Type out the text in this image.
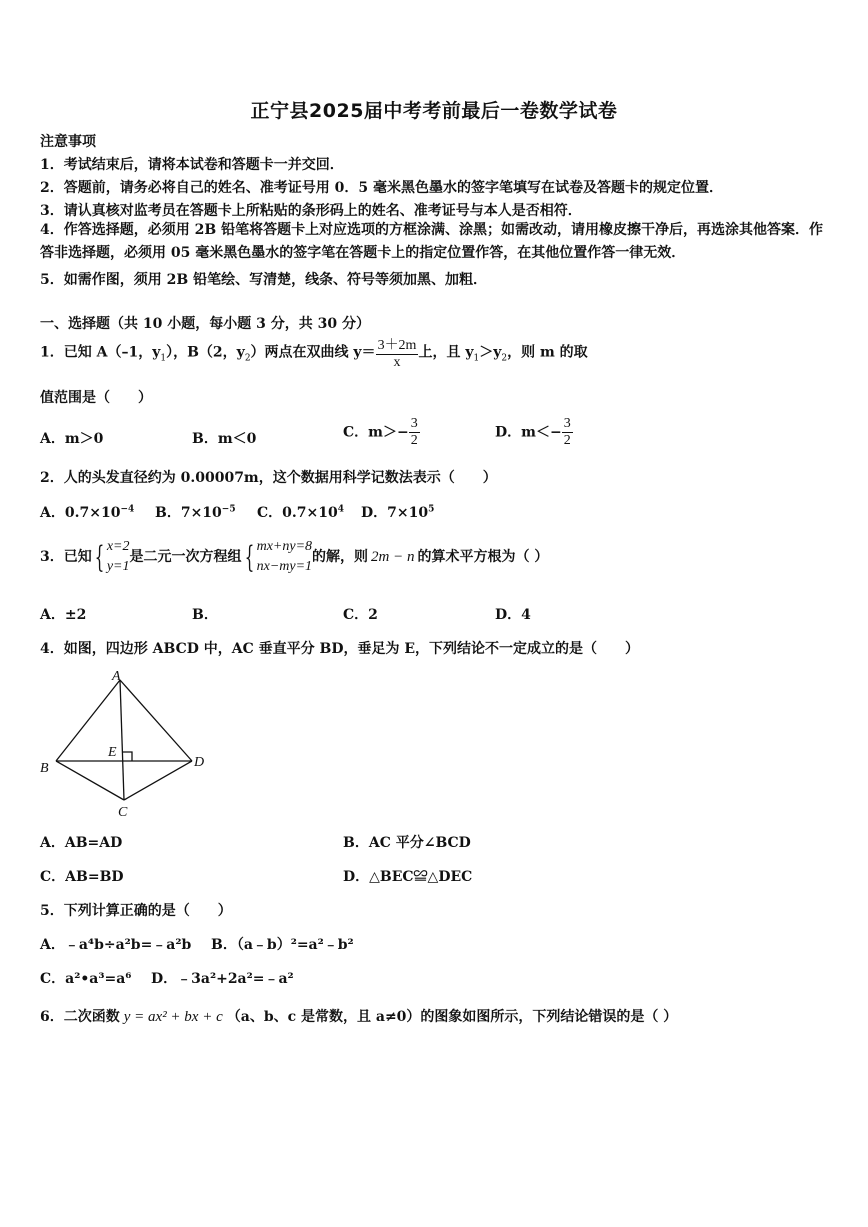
正宁县2025届中考考前最后一卷数学试卷
注意事项
1．考试结束后，请将本试卷和答题卡一并交回．
2．答题前，请务必将自己的姓名、准考证号用 0．5 毫米黑色墨水的签字笔填写在试卷及答题卡的规定位置．
3．请认真核对监考员在答题卡上所粘贴的条形码上的姓名、准考证号与本人是否相符．
4．作答选择题，必须用 2B 铅笔将答题卡上对应选项的方框涂满、涂黑；如需改动，请用橡皮擦干净后，再选涂其他答案．作答非选择题，必须用 05 毫米黑色墨水的签字笔在答题卡上的指定位置作答，在其他位置作答一律无效．
5．如需作图，须用 2B 铅笔绘、写清楚，线条、符号等须加黑、加粗．
一、选择题（共 10 小题，每小题 3 分，共 30 分）
1．已知 A（–1，$y_1$），B（2，$y_2$）两点在双曲线 $y= \frac{3+2m}{x}$ 上，且 $y_1>y_2$，则 m 的取
值范围是（　　）
A．m＞0	B．m＜0	C．$m>- \frac{3}{2}$	D．$m<- \frac{3}{2}$
2．人的头发直径约为 0.00007m，这个数据用科学记数法表示（　　）
A．$0.7\times 10^{-4}$ B．$7\times 10^{-5}$ C．$0.7\times 10^4$ D．$7\times 10^5$
3．已知{ x=2
y=1
是二元一次方程组{ mx+ny=8
nx−my=1
的解，则 2m − n 的算术平方根为（ ）
A．±2	B．	C．2	D．4
4．如图，四边形 ABCD 中，AC 垂直平分 BD，垂足为 E，下列结论不一定成立的是（　　）
A
B
C
D
E
A．AB=AD	B．AC 平分∠BCD
C．AB=BD	D．△BEC≌△DEC
5．下列计算正确的是（　　）
A．﹣a⁴b÷a²b=﹣a²b B．（a﹣b）²=a²﹣b²
C．a²•a³=a⁶ D．﹣3a²+2a²=﹣a²
6．二次函数 y = ax² + bx + c （a、b、c 是常数，且 a≠0）的图象如图所示，下列结论错误的是（ ）
